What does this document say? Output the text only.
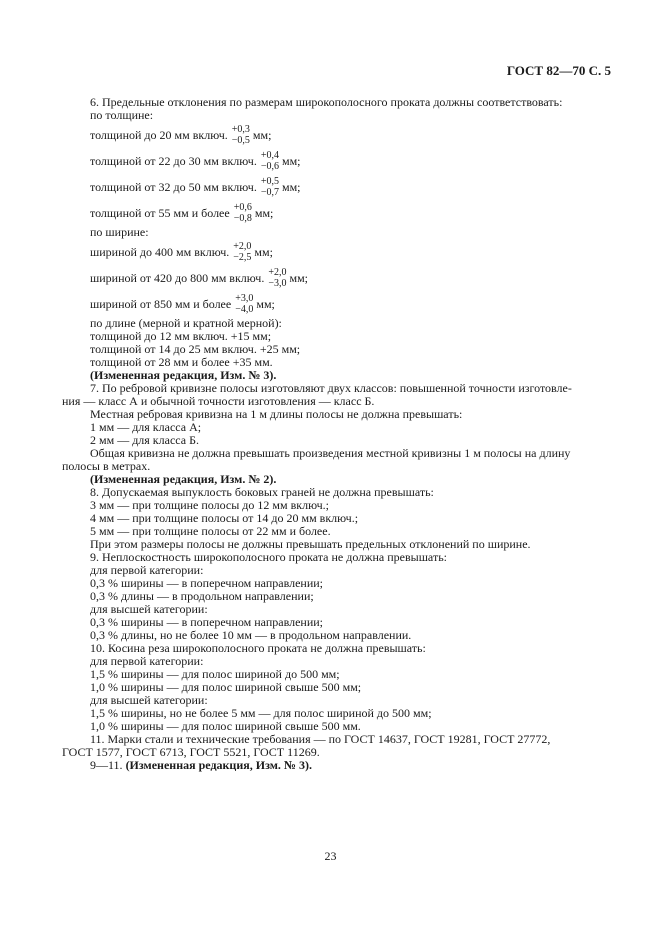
ГОСТ 82—70 С. 5

6. Предельные отклонения по размерам широкополосного проката должны соответствовать:

по толщине:

толщиной до 20 мм включ. +0,3
−0,5 мм;
толщиной от 22 до 30 мм включ. +0,4
−0,6 мм;
толщиной от 32 до 50 мм включ. +0,5
−0,7 мм;
толщиной от 55 мм и более +0,6
−0,8 мм;

по ширине:

шириной до 400 мм включ. +2,0
−2,5 мм;
шириной от 420 до 800 мм включ. +2,0
−3,0 мм;
шириной от 850 мм и более +3,0
−4,0 мм;

по длине (мерной и кратной мерной):

толщиной до 12 мм включ. +15 мм;

толщиной от 14 до 25 мм включ. +25 мм;

толщиной от 28 мм и более +35 мм.

(Измененная редакция, Изм. № 3).

7. По ребровой кривизне полосы изготовляют двух классов: повышенной точности изготовле-

ния — класс А и обычной точности изготовления — класс Б.

Местная ребровая кривизна на 1 м длины полосы не должна превышать:

1 мм — для класса А;

2 мм — для класса Б.

Общая кривизна не должна превышать произведения местной кривизны 1 м полосы на длину

полосы в метрах.

(Измененная редакция, Изм. № 2).

8. Допускаемая выпуклость боковых граней не должна превышать:

3 мм — при толщине полосы до 12 мм включ.;

4 мм — при толщине полосы от 14 до 20 мм включ.;

5 мм — при толщине полосы от 22 мм и более.

При этом размеры полосы не должны превышать предельных отклонений по ширине.

9. Неплоскостность широкополосного проката не должна превышать:

для первой категории:

0,3 % ширины — в поперечном направлении;

0,3 % длины — в продольном направлении;

для высшей категории:

0,3 % ширины — в поперечном направлении;

0,3 % длины, но не более 10 мм — в продольном направлении.

10. Косина реза широкополосного проката не должна превышать:

для первой категории:

1,5 % ширины — для полос шириной до 500 мм;

1,0 % ширины — для полос шириной свыше 500 мм;

для высшей категории:

1,5 % ширины, но не более 5 мм — для полос шириной до 500 мм;

1,0 % ширины — для полос шириной свыше 500 мм.

11. Марки стали и технические требования — по ГОСТ 14637, ГОСТ 19281, ГОСТ 27772,

ГОСТ 1577, ГОСТ 6713, ГОСТ 5521, ГОСТ 11269.

9—11. (Измененная редакция, Изм. № 3).

23
